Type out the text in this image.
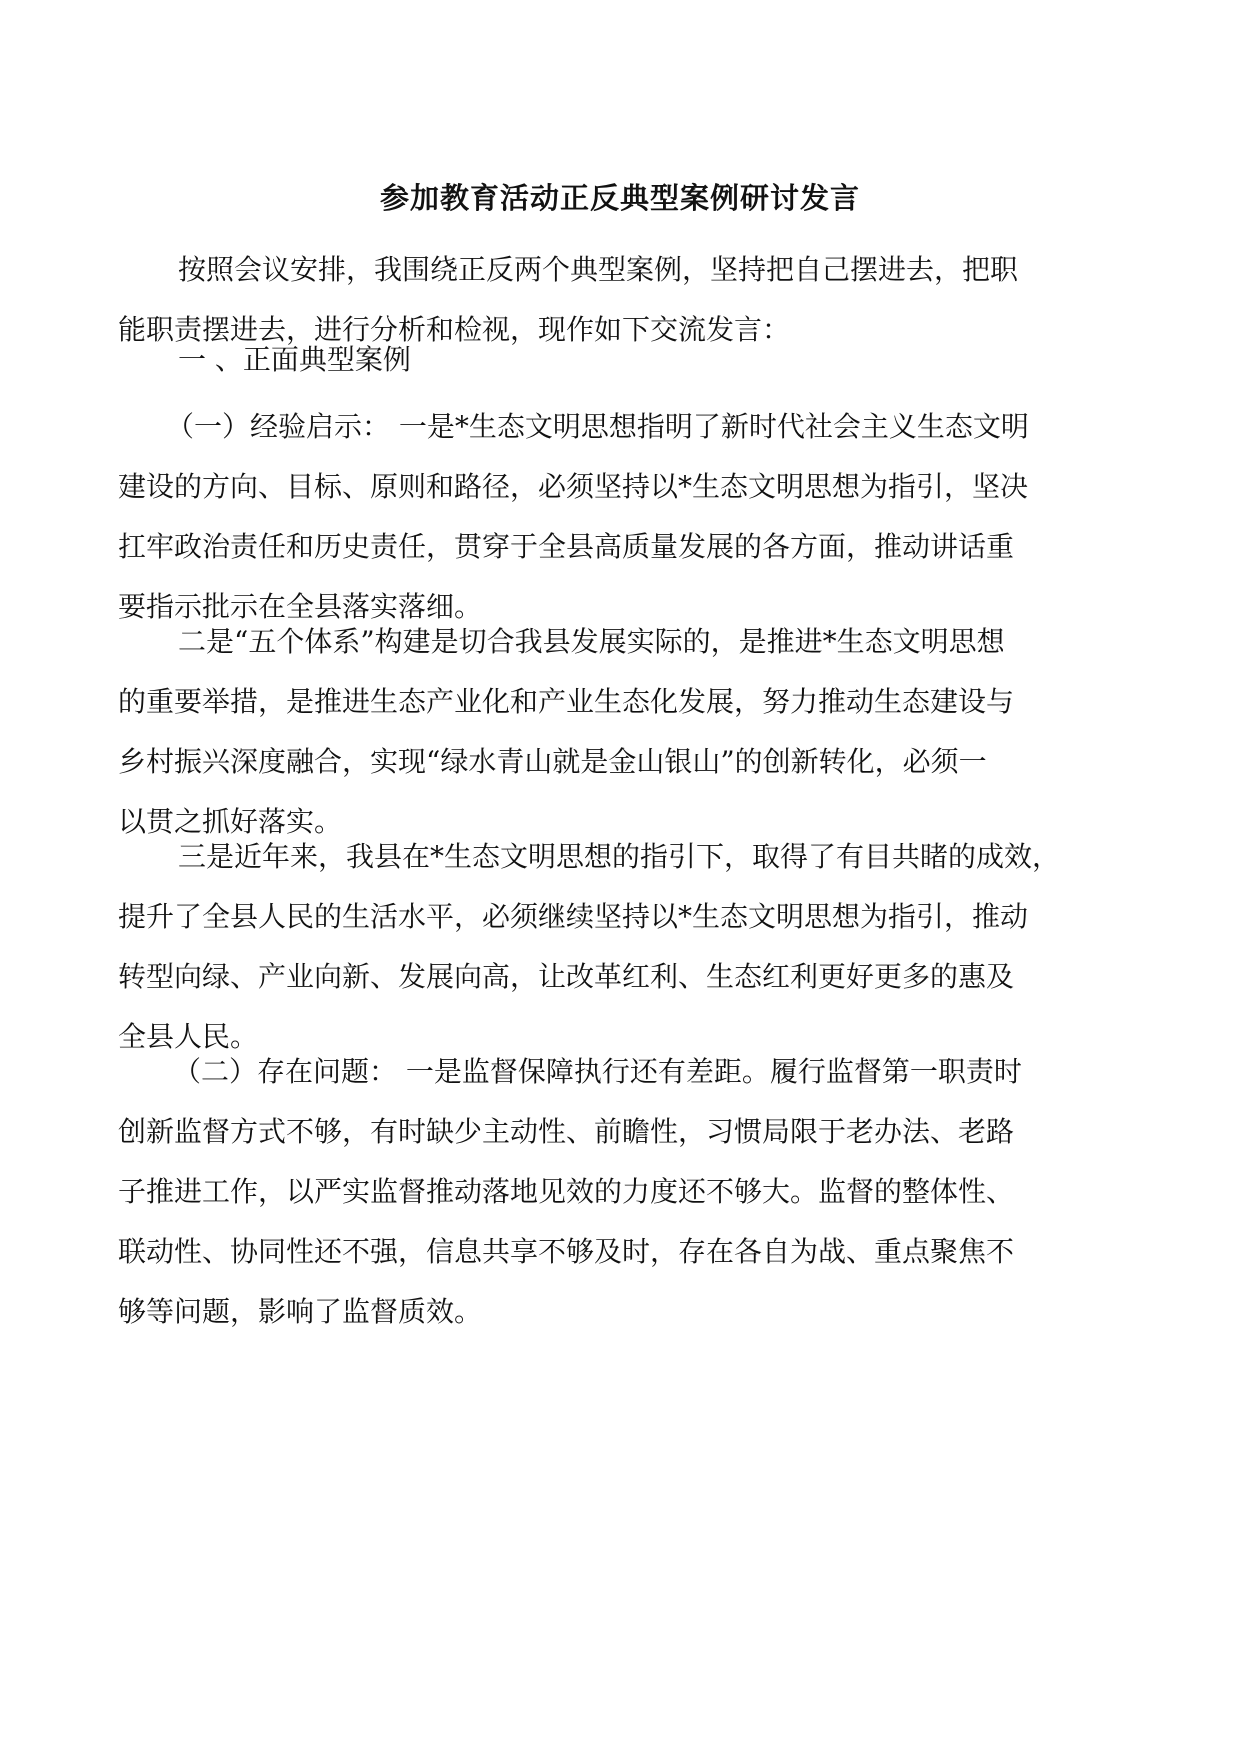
参加教育活动正反典型案例研讨发言
按照会议安排，我围绕正反两个典型案例，坚持把自己摆进去，把职
能职责摆进去，进行分析和检视，现作如下交流发言：
一 、正面典型案例
（一）经验启示： 一是*生态文明思想指明了新时代社会主义生态文明
建设的方向、目标、原则和路径，必须坚持以*生态文明思想为指引，坚决
扛牢政治责任和历史责任，贯穿于全县高质量发展的各方面，推动讲话重
要指示批示在全县落实落细。
二是“五个体系”构建是切合我县发展实际的，是推进*生态文明思想
的重要举措，是推进生态产业化和产业生态化发展，努力推动生态建设与
乡村振兴深度融合，实现“绿水青山就是金山银山”的创新转化，必须一
以贯之抓好落实。
三是近年来，我县在*生态文明思想的指引下，取得了有目共睹的成效，
提升了全县人民的生活水平，必须继续坚持以*生态文明思想为指引，推动
转型向绿、产业向新、发展向高，让改革红利、生态红利更好更多的惠及
全县人民。
（二）存在问题： 一是监督保障执行还有差距。履行监督第一职责时
创新监督方式不够，有时缺少主动性、前瞻性，习惯局限于老办法、老路
子推进工作，以严实监督推动落地见效的力度还不够大。监督的整体性、
联动性、协同性还不强，信息共享不够及时，存在各自为战、重点聚焦不
够等问题，影响了监督质效。
